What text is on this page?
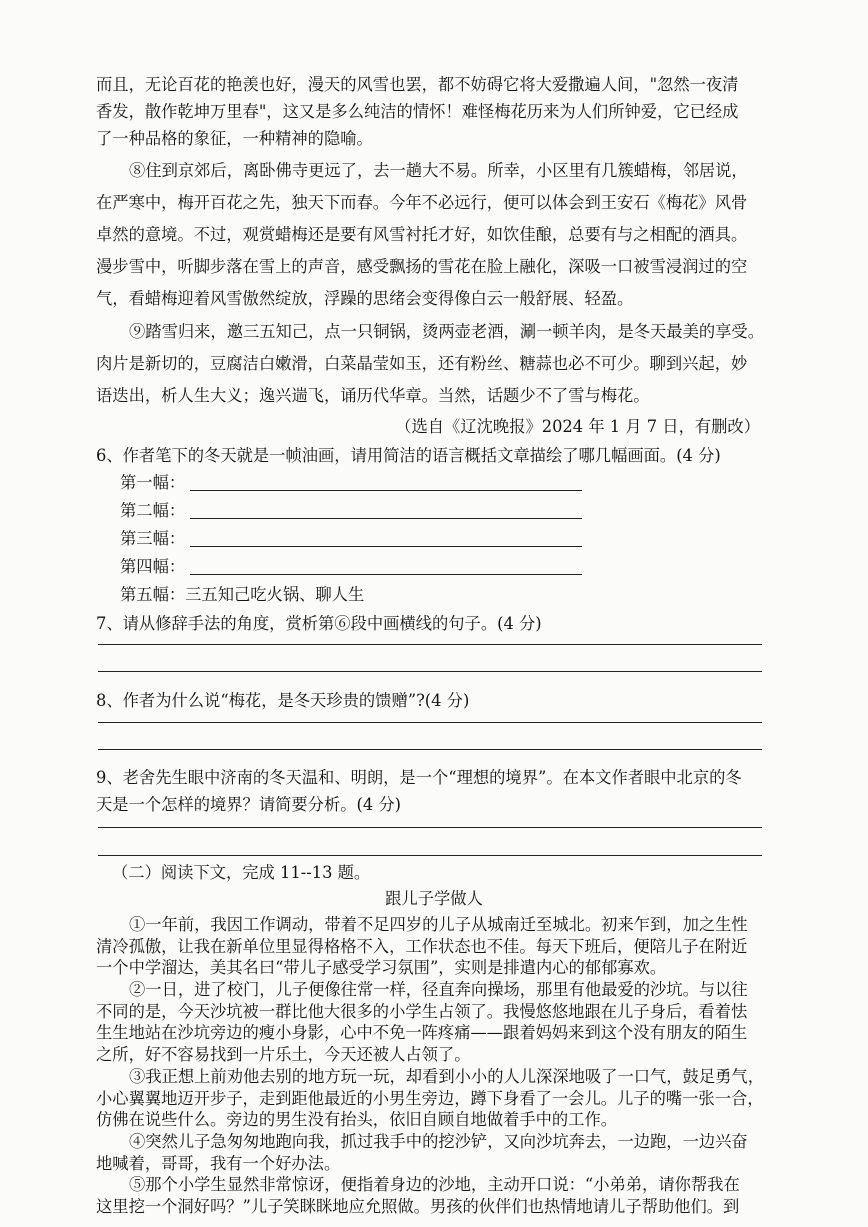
而且，无论百花的艳羡也好，漫天的风雪也罢，都不妨碍它将大爱撒遍人间，"忽然一夜清
香发，散作乾坤万里春"，这又是多么纯洁的情怀！难怪梅花历来为人们所钟爱，它已经成
了一种品格的象征，一种精神的隐喻。
⑧住到京郊后，离卧佛寺更远了，去一趟大不易。所幸，小区里有几簇蜡梅，邻居说，
在严寒中，梅开百花之先，独天下而春。今年不必远行，便可以体会到王安石《梅花》风骨
卓然的意境。不过，观赏蜡梅还是要有风雪衬托才好，如饮佳酿，总要有与之相配的酒具。
漫步雪中，听脚步落在雪上的声音，感受飘扬的雪花在脸上融化，深吸一口被雪浸润过的空
气，看蜡梅迎着风雪傲然绽放，浮躁的思绪会变得像白云一般舒展、轻盈。
⑨踏雪归来，邀三五知己，点一只铜锅，烫两壶老酒，涮一顿羊肉，是冬天最美的享受。
肉片是新切的，豆腐洁白嫩滑，白菜晶莹如玉，还有粉丝、糖蒜也必不可少。聊到兴起，妙
语迭出，析人生大义；逸兴遄飞，诵历代华章。当然，话题少不了雪与梅花。
（选自《辽沈晚报》2024 年 1 月 7 日，有删改）
6、作者笔下的冬天就是一帧油画，请用简洁的语言概括文章描绘了哪几幅画面。(4 分)
第一幅：
第二幅：
第三幅：
第四幅：
第五幅：三五知己吃火锅、聊人生
7、请从修辞手法的角度，赏析第⑥段中画横线的句子。(4 分)
8、作者为什么说“梅花，是冬天珍贵的馈赠”?(4 分)
9、老舍先生眼中济南的冬天温和、明朗，是一个“理想的境界”。在本文作者眼中北京的冬
天是一个怎样的境界？请简要分析。(4 分)
（二）阅读下文，完成 11--13 题。
跟儿子学做人
①一年前，我因工作调动，带着不足四岁的儿子从城南迁至城北。初来乍到，加之生性
清冷孤傲，让我在新单位里显得格格不入，工作状态也不佳。每天下班后，便陪儿子在附近
一个中学溜达，美其名曰“带儿子感受学习氛围”，实则是排遣内心的郁郁寡欢。
②一日，进了校门，儿子便像往常一样，径直奔向操场，那里有他最爱的沙坑。与以往
不同的是，今天沙坑被一群比他大很多的小学生占领了。我慢悠悠地跟在儿子身后，看着怯
生生地站在沙坑旁边的瘦小身影，心中不免一阵疼痛——跟着妈妈来到这个没有朋友的陌生
之所，好不容易找到一片乐土，今天还被人占领了。
③我正想上前劝他去别的地方玩一玩，却看到小小的人儿深深地吸了一口气，鼓足勇气，
小心翼翼地迈开步子，走到距他最近的小男生旁边，蹲下身看了一会儿。儿子的嘴一张一合，
仿佛在说些什么。旁边的男生没有抬头，依旧自顾自地做着手中的工作。
④突然儿子急匆匆地跑向我，抓过我手中的挖沙铲，又向沙坑奔去，一边跑，一边兴奋
地喊着，哥哥，我有一个好办法。
⑤那个小学生显然非常惊讶，便指着身边的沙地，主动开口说：“小弟弟，请你帮我在
这里挖一个洞好吗？”儿子笑眯眯地应允照做。男孩的伙伴们也热情地请儿子帮助他们。到
